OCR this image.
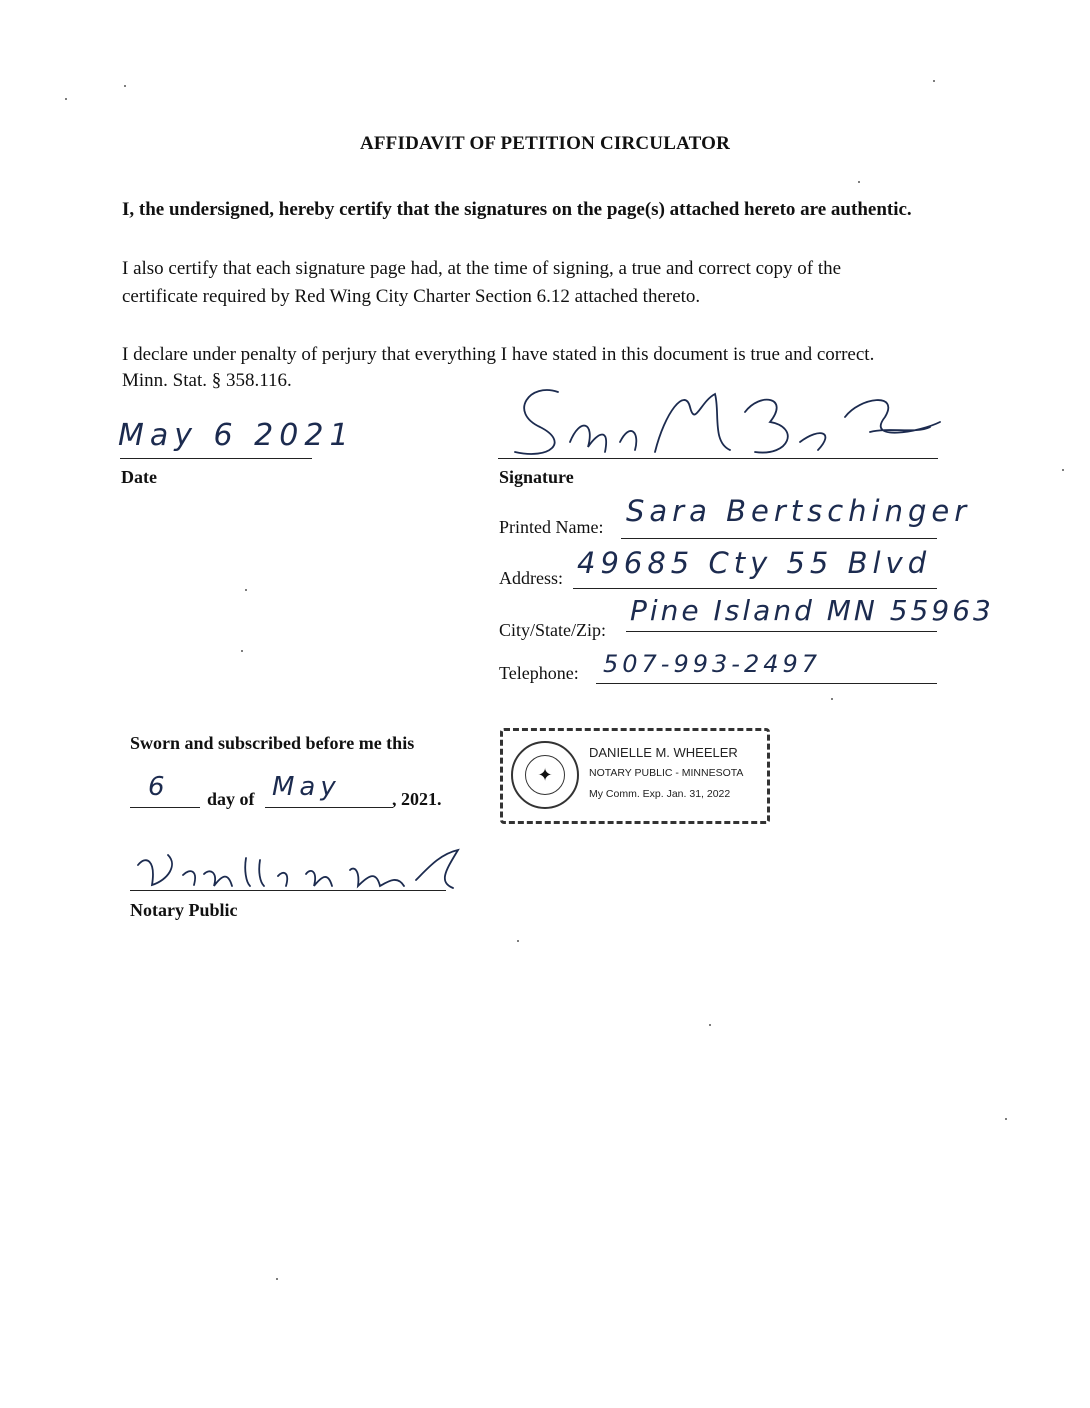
AFFIDAVIT OF PETITION CIRCULATOR
I, the undersigned, hereby certify that the signatures on the page(s) attached hereto are authentic.
I also certify that each signature page had, at the time of signing, a true and correct copy of the
certificate required by Red Wing City Charter Section 6.12 attached thereto.
I declare under penalty of perjury that everything I have stated in this document is true and correct.
Minn. Stat. § 358.116.
May 6 2021
Date	Signature
Printed Name: Sara Bertschinger
Address: 49685 Cty 55 Blvd
City/State/Zip:
Pine Island MN 55963
Telephone: 507-993-2497
Sworn and subscribed before me this
6 day of May	, 2021.
Notary Public
✦
DANIELLE M. WHEELER
NOTARY PUBLIC - MINNESOTA
My Comm. Exp. Jan. 31, 2022
